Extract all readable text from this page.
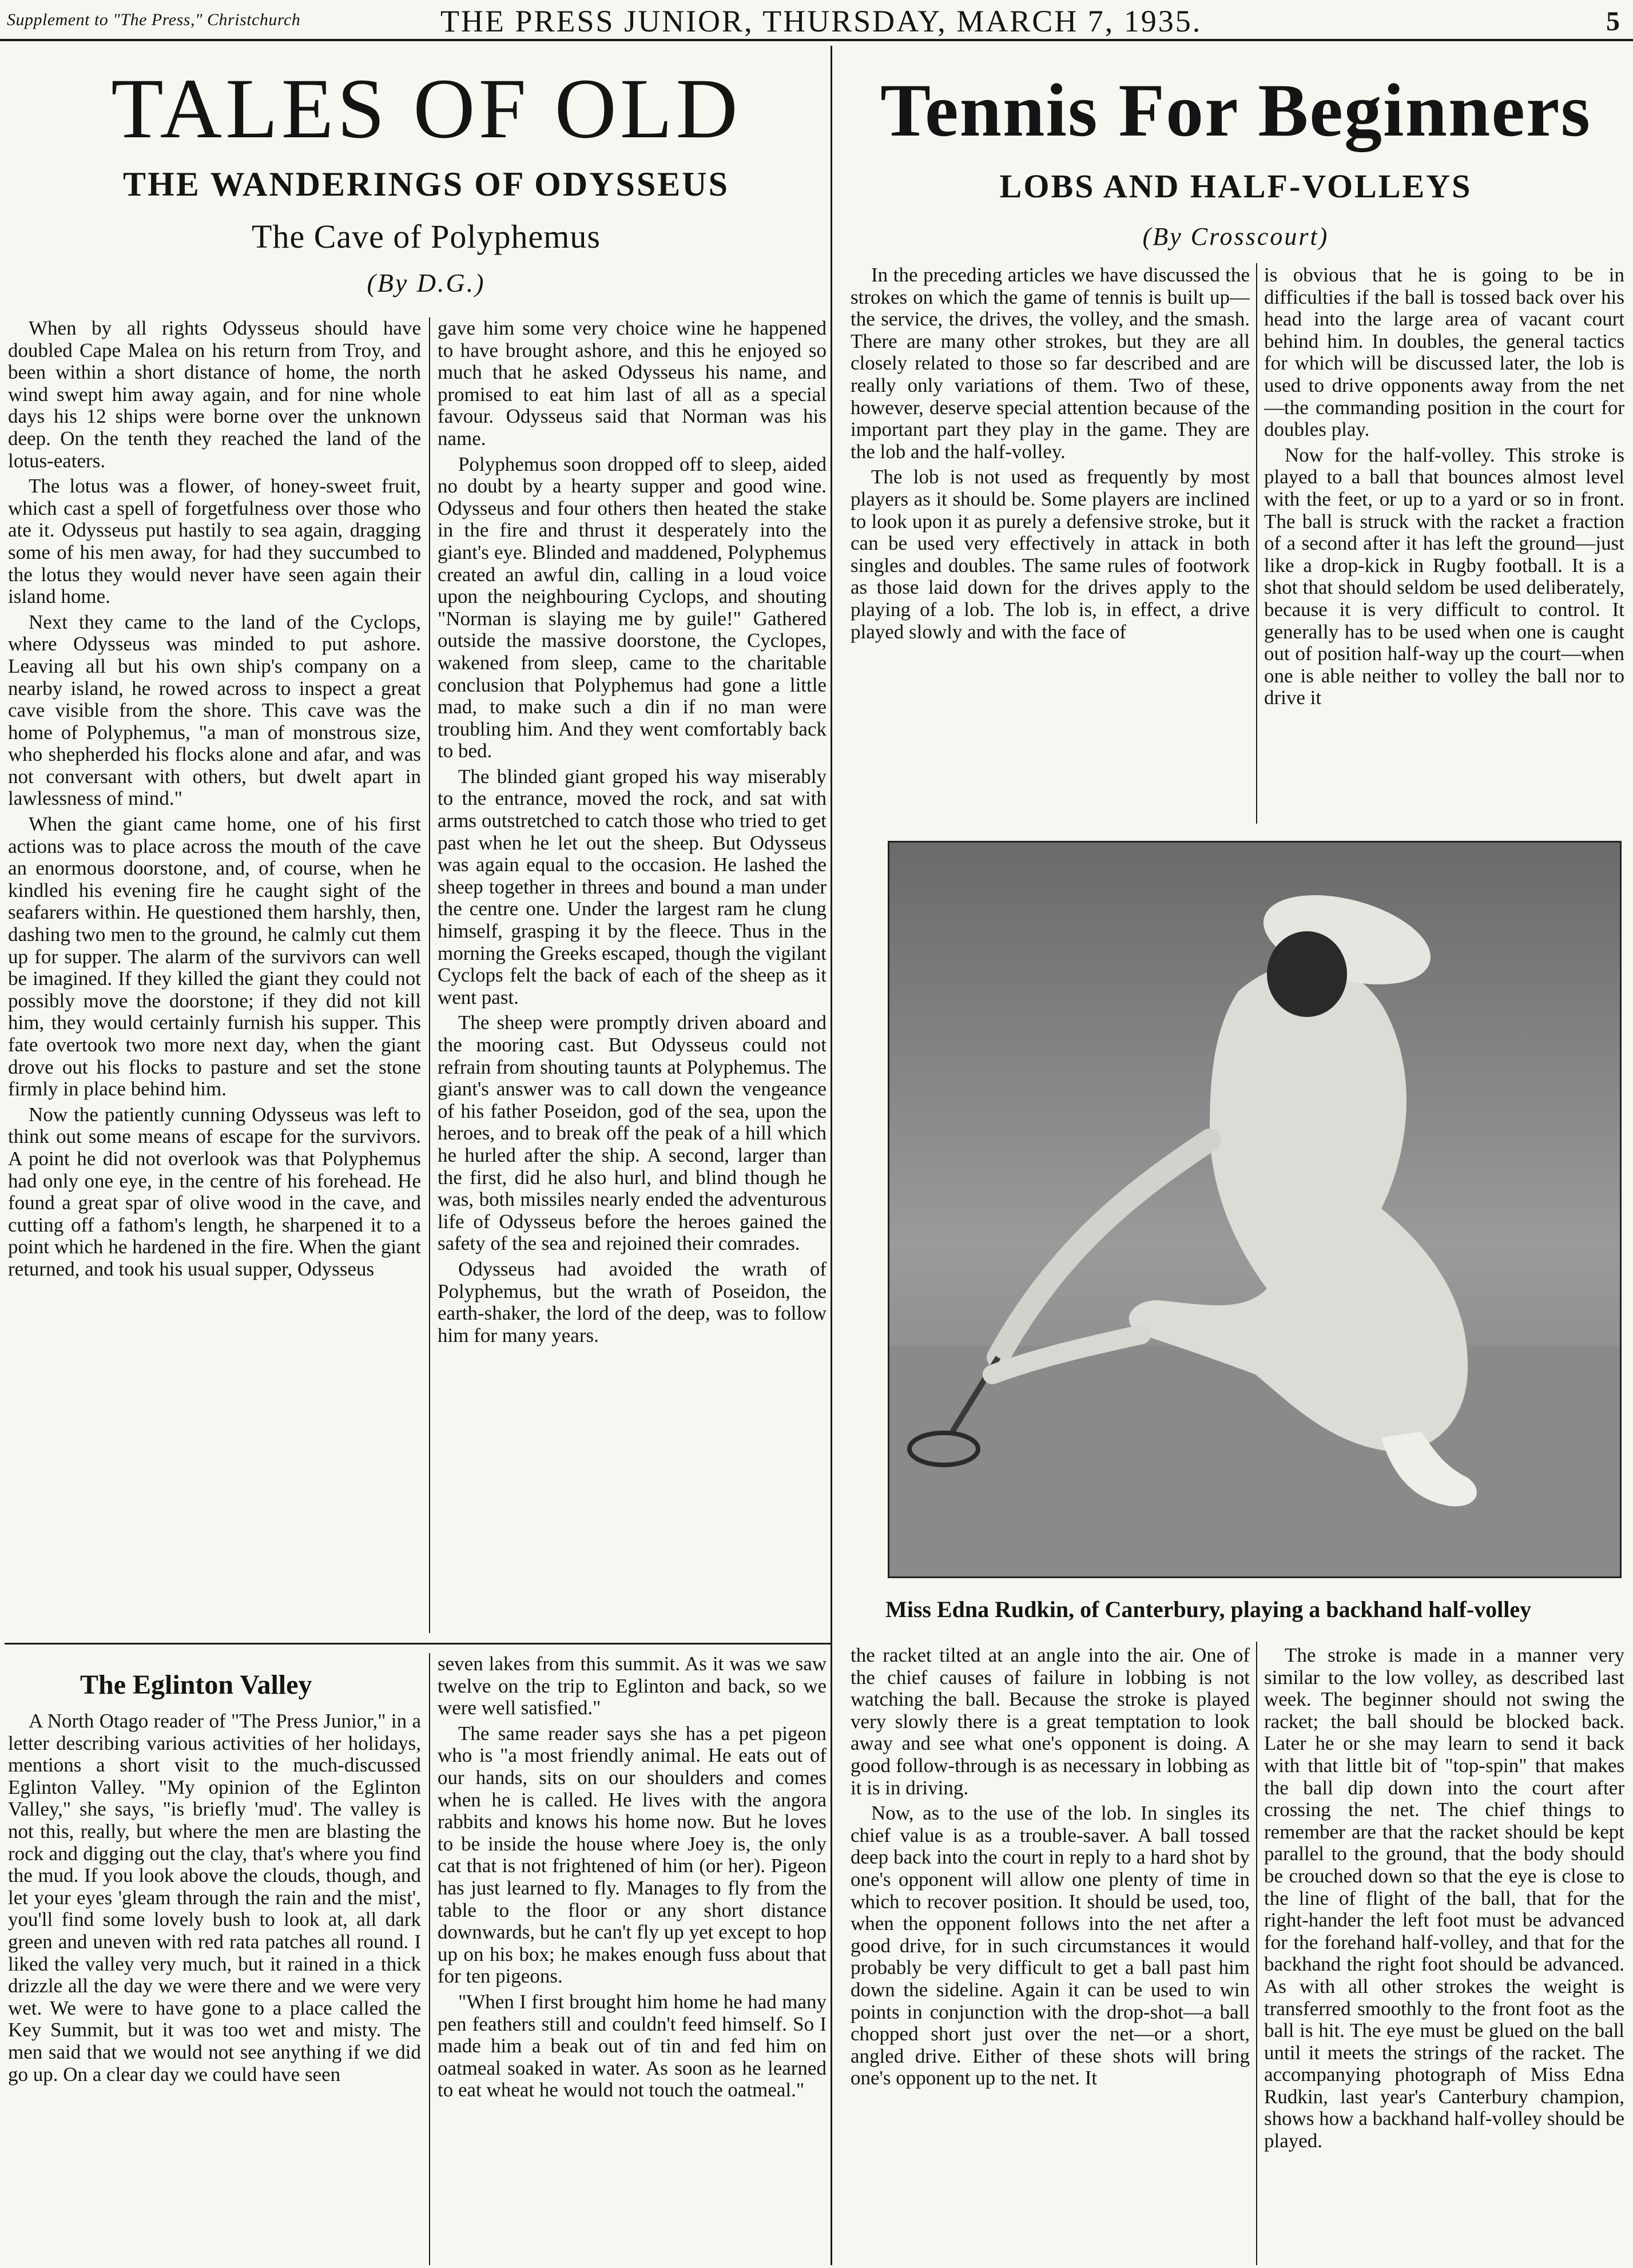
Supplement to "The Press," Christchurch	THE PRESS JUNIOR, THURSDAY, MARCH 7, 1935.	5
TALES OF OLD
THE WANDERINGS OF ODYSSEUS
The Cave of Polyphemus
(By D.G.)

When by all rights Odysseus should have doubled Cape Malea on his return from Troy, and been within a short distance of home, the north wind swept him away again, and for nine whole days his 12 ships were borne over the unknown deep. On the tenth they reached the land of the lotus-eaters.

The lotus was a flower, of honey-sweet fruit, which cast a spell of forgetfulness over those who ate it. Odysseus put hastily to sea again, dragging some of his men away, for had they succumbed to the lotus they would never have seen again their island home.

Next they came to the land of the Cyclops, where Odysseus was minded to put ashore. Leaving all but his own ship's company on a nearby island, he rowed across to inspect a great cave visible from the shore. This cave was the home of Polyphemus, "a man of monstrous size, who shepherded his flocks alone and afar, and was not conversant with others, but dwelt apart in lawlessness of mind."

When the giant came home, one of his first actions was to place across the mouth of the cave an enormous doorstone, and, of course, when he kindled his evening fire he caught sight of the seafarers within. He questioned them harshly, then, dashing two men to the ground, he calmly cut them up for supper. The alarm of the survivors can well be imagined. If they killed the giant they could not possibly move the doorstone; if they did not kill him, they would certainly furnish his supper. This fate overtook two more next day, when the giant drove out his flocks to pasture and set the stone firmly in place behind him.

Now the patiently cunning Odysseus was left to think out some means of escape for the survivors. A point he did not overlook was that Polyphemus had only one eye, in the centre of his forehead. He found a great spar of olive wood in the cave, and cutting off a fathom's length, he sharpened it to a point which he hardened in the fire. When the giant returned, and took his usual supper, Odysseus

gave him some very choice wine he happened to have brought ashore, and this he enjoyed so much that he asked Odysseus his name, and promised to eat him last of all as a special favour. Odysseus said that Norman was his name.

Polyphemus soon dropped off to sleep, aided no doubt by a hearty supper and good wine. Odysseus and four others then heated the stake in the fire and thrust it desperately into the giant's eye. Blinded and maddened, Polyphemus created an awful din, calling in a loud voice upon the neighbouring Cyclops, and shouting "Norman is slaying me by guile!" Gathered outside the massive doorstone, the Cyclopes, wakened from sleep, came to the charitable conclusion that Polyphemus had gone a little mad, to make such a din if no man were troubling him. And they went comfortably back to bed.

The blinded giant groped his way miserably to the entrance, moved the rock, and sat with arms outstretched to catch those who tried to get past when he let out the sheep. But Odysseus was again equal to the occasion. He lashed the sheep together in threes and bound a man under the centre one. Under the largest ram he clung himself, grasping it by the fleece. Thus in the morning the Greeks escaped, though the vigilant Cyclops felt the back of each of the sheep as it went past.

The sheep were promptly driven aboard and the mooring cast. But Odysseus could not refrain from shouting taunts at Polyphemus. The giant's answer was to call down the vengeance of his father Poseidon, god of the sea, upon the heroes, and to break off the peak of a hill which he hurled after the ship. A second, larger than the first, did he also hurl, and blind though he was, both missiles nearly ended the adventurous life of Odysseus before the heroes gained the safety of the sea and rejoined their comrades.

Odysseus had avoided the wrath of Polyphemus, but the wrath of Poseidon, the earth-shaker, the lord of the deep, was to follow him for many years.

Tennis For Beginners
LOBS AND HALF-VOLLEYS
(By Crosscourt)

In the preceding articles we have discussed the strokes on which the game of tennis is built up—the service, the drives, the volley, and the smash. There are many other strokes, but they are all closely related to those so far described and are really only variations of them. Two of these, however, deserve special attention because of the important part they play in the game. They are the lob and the half-volley.

The lob is not used as frequently by most players as it should be. Some players are inclined to look upon it as purely a defensive stroke, but it can be used very effectively in attack in both singles and doubles. The same rules of footwork as those laid down for the drives apply to the playing of a lob. The lob is, in effect, a drive played slowly and with the face of

is obvious that he is going to be in difficulties if the ball is tossed back over his head into the large area of vacant court behind him. In doubles, the general tactics for which will be discussed later, the lob is used to drive opponents away from the net—the commanding position in the court for doubles play.

Now for the half-volley. This stroke is played to a ball that bounces almost level with the feet, or up to a yard or so in front. The ball is struck with the racket a fraction of a second after it has left the ground—just like a drop-kick in Rugby football. It is a shot that should seldom be used deliberately, because it is very difficult to control. It generally has to be used when one is caught out of position half-way up the court—when one is able neither to volley the ball nor to drive it

Miss Edna Rudkin, of Canterbury, playing a backhand half-volley

the racket tilted at an angle into the air. One of the chief causes of failure in lobbing is not watching the ball. Because the stroke is played very slowly there is a great temptation to look away and see what one's opponent is doing. A good follow-through is as necessary in lobbing as it is in driving.

Now, as to the use of the lob. In singles its chief value is as a trouble-saver. A ball tossed deep back into the court in reply to a hard shot by one's opponent will allow one plenty of time in which to recover position. It should be used, too, when the opponent follows into the net after a good drive, for in such circumstances it would probably be very difficult to get a ball past him down the sideline. Again it can be used to win points in conjunction with the drop-shot—a ball chopped short just over the net—or a short, angled drive. Either of these shots will bring one's opponent up to the net. It

The stroke is made in a manner very similar to the low volley, as described last week. The beginner should not swing the racket; the ball should be blocked back. Later he or she may learn to send it back with that little bit of "top-spin" that makes the ball dip down into the court after crossing the net. The chief things to remember are that the racket should be kept parallel to the ground, that the body should be crouched down so that the eye is close to the line of flight of the ball, that for the right-hander the left foot must be advanced for the forehand half-volley, and that for the backhand the right foot should be advanced. As with all other strokes the weight is transferred smoothly to the front foot as the ball is hit. The eye must be glued on the ball until it meets the strings of the racket. The accompanying photograph of Miss Edna Rudkin, last year's Canterbury champion, shows how a backhand half-volley should be played.

The Eglinton Valley

A North Otago reader of "The Press Junior," in a letter describing various activities of her holidays, mentions a short visit to the much-discussed Eglinton Valley. "My opinion of the Eglinton Valley," she says, "is briefly 'mud'. The valley is not this, really, but where the men are blasting the rock and digging out the clay, that's where you find the mud. If you look above the clouds, though, and let your eyes 'gleam through the rain and the mist', you'll find some lovely bush to look at, all dark green and uneven with red rata patches all round. I liked the valley very much, but it rained in a thick drizzle all the day we were there and we were very wet. We were to have gone to a place called the Key Summit, but it was too wet and misty. The men said that we would not see anything if we did go up. On a clear day we could have seen

seven lakes from this summit. As it was we saw twelve on the trip to Eglinton and back, so we were well satisfied."

The same reader says she has a pet pigeon who is "a most friendly animal. He eats out of our hands, sits on our shoulders and comes when he is called. He lives with the angora rabbits and knows his home now. But he loves to be inside the house where Joey is, the only cat that is not frightened of him (or her). Pigeon has just learned to fly. Manages to fly from the table to the floor or any short distance downwards, but he can't fly up yet except to hop up on his box; he makes enough fuss about that for ten pigeons.

"When I first brought him home he had many pen feathers still and couldn't feed himself. So I made him a beak out of tin and fed him on oatmeal soaked in water. As soon as he learned to eat wheat he would not touch the oatmeal."
